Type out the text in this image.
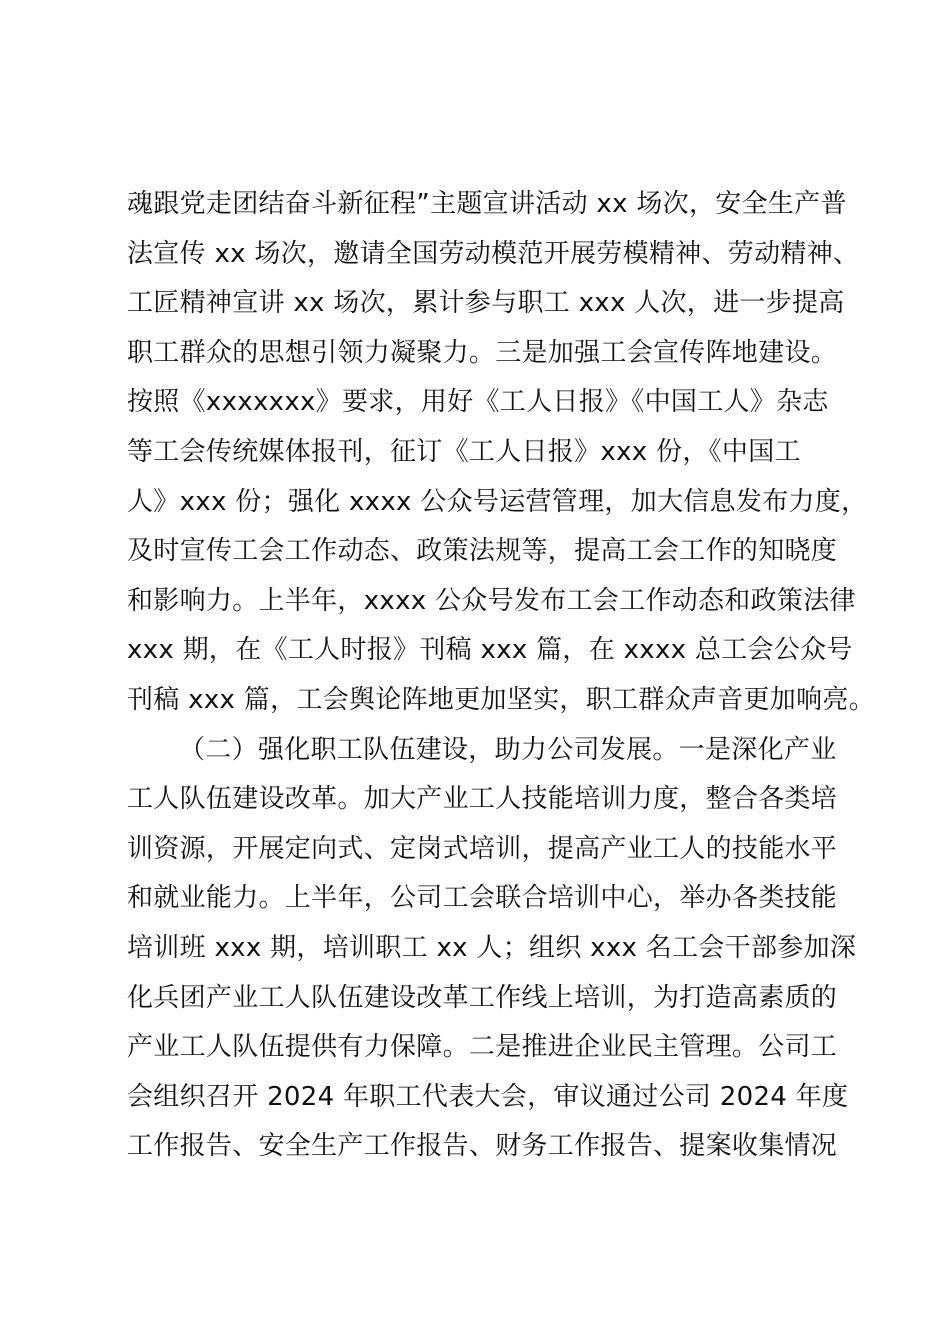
魂跟党走团结奋斗新征程”主题宣讲活动 xx 场次，安全生产普
法宣传 xx 场次，邀请全国劳动模范开展劳模精神、劳动精神、
工匠精神宣讲 xx 场次，累计参与职工 xxx 人次，进一步提高
职工群众的思想引领力凝聚力。三是加强工会宣传阵地建设。
按照《xxxxxxx》要求，用好《工人日报》《中国工人》杂志
等工会传统媒体报刊，征订《工人日报》xxx 份，《中国工
人》xxx 份；强化 xxxx 公众号运营管理，加大信息发布力度，
及时宣传工会工作动态、政策法规等，提高工会工作的知晓度
和影响力。上半年，xxxx 公众号发布工会工作动态和政策法律
xxx 期，在《工人时报》刊稿 xxx 篇，在 xxxx 总工会公众号
刊稿 xxx 篇，工会舆论阵地更加坚实，职工群众声音更加响亮。
（二）强化职工队伍建设，助力公司发展。一是深化产业
工人队伍建设改革。加大产业工人技能培训力度，整合各类培
训资源，开展定向式、定岗式培训，提高产业工人的技能水平
和就业能力。上半年，公司工会联合培训中心，举办各类技能
培训班 xxx 期，培训职工 xx 人；组织 xxx 名工会干部参加深
化兵团产业工人队伍建设改革工作线上培训，为打造高素质的
产业工人队伍提供有力保障。二是推进企业民主管理。公司工
会组织召开 2024 年职工代表大会，审议通过公司 2024 年度
工作报告、安全生产工作报告、财务工作报告、提案收集情况
